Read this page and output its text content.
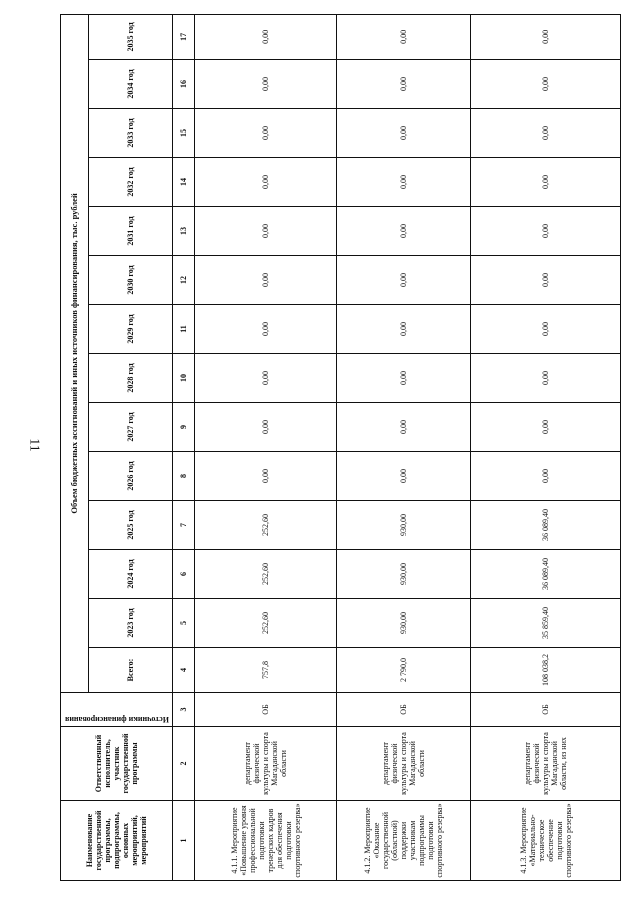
11
Наименование государственной программы, подпрограммы, основных мероприятий, мероприятий	Ответственный исполнитель, участник государственной программы	Источники финансирования	Объем бюджетных ассигнований и иных источников финансирования, тыс. рублей													
			Всего:	2023 год	2024 год	2025 год	2026 год	2027 год	2028 год	2029 год	2030 год	2031 год	2032 год	2033 год	2034 год	2035 год
1	2	3	4	5	6	7	8	9	10	11	12	13	14	15	16	17
4.1.1. Мероприятие «Повышение уровня профессиональной подготовки тренерских кадров для обеспечения подготовки спортивного резерва»	департамент физической культуры и спорта Магаданской области	ОБ	757,8	252,60	252,60	252,60	0,00	0,00	0,00	0,00	0,00	0,00	0,00	0,00	0,00	0,00
4.1.2. Мероприятие «Оказание государственной (областной) поддержки участникам подпрограммы подготовки спортивного резерва»	департамент физической культуры и спорта Магаданской области	ОБ	2 790,0	930,00	930,00	930,00	0,00	0,00	0,00	0,00	0,00	0,00	0,00	0,00	0,00	0,00
4.1.3. Мероприятие «Материально-техническое обеспечение подготовки спортивного резерва»	департамент физической культуры и спорта Магаданской области, из них	ОБ	108 038,2	35 859,40	36 089,40	36 089,40	0,00	0,00	0,00	0,00	0,00	0,00	0,00	0,00	0,00	0,00
